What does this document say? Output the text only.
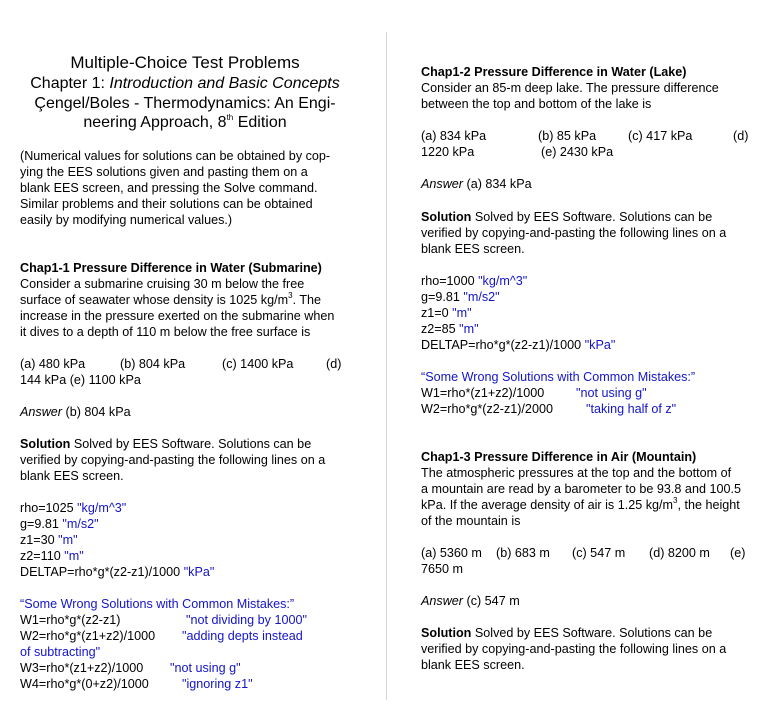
Multiple-Choice Test Problems
Chapter 1: Introduction and Basic Concepts
Çengel/Boles - Thermodynamics: An Engi-
neering Approach, 8th Edition
(Numerical values for solutions can be obtained by cop-
ying the EES solutions given and pasting them on a
blank EES screen, and pressing the Solve command.
Similar problems and their solutions can be obtained
easily by modifying numerical values.)
Chap1-1 Pressure Difference in Water (Submarine)
Consider a submarine cruising 30 m below the free
surface of seawater whose density is 1025 $kg/m^3$. The
increase in the pressure exerted on the submarine when
it dives to a depth of 110 m below the free surface is
(a) 480 kPa	(b) 804 kPa	(c) 1400 kPa	(d)
144 kPa (e) 1100 kPa
Answer (b) 804 kPa
Solution Solved by EES Software. Solutions can be
verified by copying-and-pasting the following lines on a
blank EES screen.
rho=1025 "kg/m^3"
g=9.81 "m/s2"
z1=30 "m"
z2=110 "m"
DELTAP=rho*g*(z2-z1)/1000 "kPa"
“Some Wrong Solutions with Common Mistakes:”
W1=rho*g*(z2-z1)	"not dividing by 1000"
W2=rho*g*(z1+z2)/1000 "adding depts instead
of subtracting"
W3=rho*(z1+z2)/1000 "not using g"
W4=rho*g*(0+z2)/1000	"ignoring z1"
Chap1-2 Pressure Difference in Water (Lake)
Consider an 85-m deep lake. The pressure difference
between the top and bottom of the lake is
(a) 834 kPa	(b) 85 kPa	(c) 417 kPa	(d)
1220 kPa	(e) 2430 kPa
Answer (a) 834 kPa
Solution Solved by EES Software. Solutions can be
verified by copying-and-pasting the following lines on a
blank EES screen.
rho=1000 "kg/m^3"
g=9.81 "m/s2"
z1=0 "m"
z2=85 "m"
DELTAP=rho*g*(z2-z1)/1000 "kPa"
“Some Wrong Solutions with Common Mistakes:”
W1=rho*(z1+z2)/1000	"not using g"
W2=rho*g*(z2-z1)/2000	"taking half of z"
Chap1-3 Pressure Difference in Air (Mountain)
The atmospheric pressures at the top and the bottom of
a mountain are read by a barometer to be 93.8 and 100.5
kPa. If the average density of air is 1.25 $kg/m^3$, the height
of the mountain is
(a) 5360 m (b) 683 m (c) 547 m (d) 8200 m (e)
7650 m
Answer (c) 547 m
Solution Solved by EES Software. Solutions can be
verified by copying-and-pasting the following lines on a
blank EES screen.
